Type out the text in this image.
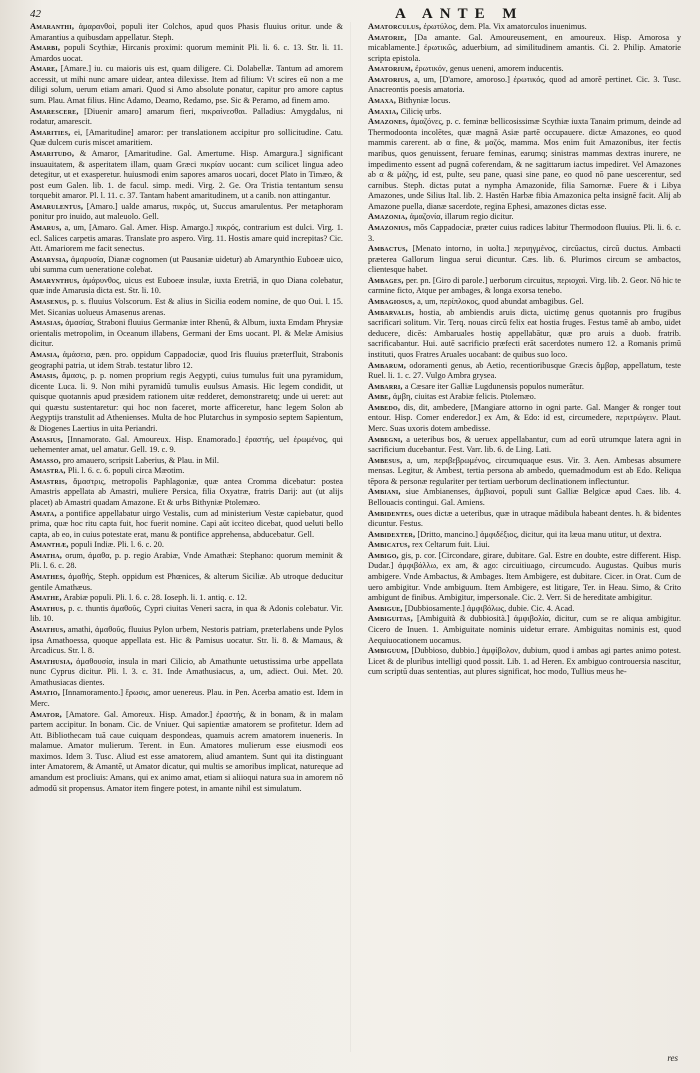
42	A ANTE M

Amaranthi, ἀμαρανθοὶ, populi iter Colchos, apud quos Phasis fluuius oritur. unde & Amarantius a quibusdam appellatur. Steph.

Amarbi, populi Scythiæ, Hircanis proximi: quorum meminit Pli. li. 6. c. 13. Str. li. 11. Amardos uocat.

Amare, [Amare.] iu. cu maioris uis est, quam diligere. Ci. Dolabellæ. Tantum ad amorem accessit, ut mihi nunc amare uidear, antea dilexisse. Item ad filium: Vt scires eū non a me diligi solum, uerum etiam amari. Quod si Amo absolute ponatur, capitur pro amore captus sum. Plau. Amat filius. Hinc Adamo, Deamo, Redamo, pse. Sic & Peramo, ad finem amo.

Amarescere, [Diuenir amaro] amarum fieri, πικραίνεσθαι. Palladius: Amygdalus, ni rodatur, amarescit.

Amarities, ei, [Amaritudine] amaror: per translationem accipitur pro sollicitudine. Catu. Quæ dulcem curis miscet amaritiem.

Amaritudo, & Amaror, [Amaritudine. Gal. Amertume. Hisp. Amargura.] significant insuauitatem, & asperitatem illam, quam Græci πικρίαν uocant: cum scilicet lingua adeo detegitur, ut et exasperetur. huiusmodi enim sapores amaros uocari, docet Plato in Timæo, & post eum Galen. lib. 1. de facul. simp. medi. Virg. 2. Ge. Ora Tristia tentantum sensu torquebit amaror. Pl. l. 11. c. 37. Tantam habent amaritudinem, ut a canib. non attingantur.

Amarulentus, [Amaro.] ualde amarus, πικρός, ut, Succus amarulentus. Per metaphoram ponitur pro inuido, aut maleuolo. Gell.

Amarus, a, um, [Amaro. Gal. Amer. Hisp. Amargo.] πικρός, contrarium est dulci. Virg. 1. ecl. Salices carpetis amaras. Translate pro aspero. Virg. 11. Hostis amare quid increpitas? Cic. Att. Amariorem me facit senectus.

Amarysia, ἀμαρυσία, Dianæ cognomen (ut Pausaniæ uidetur) ab Amarynthio Euboeæ uico, ubi summa cum ueneratione colebat.

Amarynthus, ἀμάρυνθος, uicus est Euboeæ insulæ, iuxta Eretriā, in quo Diana colebatur, quæ inde Amarusia dicta est. Str. li. 10.

Amasenus, p. s. fluuius Volscorum. Est & alius in Sicilia eodem nomine, de quo Oui. l. 15. Met. Sicanias uolueus Amasenus arenas.

Amasias, ἀμασίας, Straboni fluuius Germaniæ inter Rhenū, & Album, iuxta Emdam Phrysiæ orientalis metropolim, in Oceanum illabens, Germani der Ems uocant. Pl. & Melæ Amisius dicitur.

Amasia, ἀμάσεια, pæn. pro. oppidum Cappadociæ, quod Iris fluuius præterfluit, Strabonis geographi patria, ut idem Strab. testatur libro 12.

Amasis, ἄμασις, p. p. nomen proprium regis Aegypti, cuius tumulus fuit una pyramidum, dicente Luca. li. 9. Non mihi pyramidū tumulis euulsus Amasis. Hic legem condidit, ut quisque quotannis apud præsidem rationem uitæ redderet, demonstraretq; unde ui ueret: aut qui quæstu sustentaretur: qui hoc non faceret, morte afficeretur, hanc legem Solon ab Aegyptijs transtulit ad Athenienses. Multa de hoc Plutarchus in symposio septem Sapientum, & Diogenes Laertius in uita Periandri.

Amasius, [Innamorato. Gal. Amoureux. Hisp. Enamorado.] ἐραστής, uel ἐρωμένος, qui uehementer amat, uel amatur. Gell. 19. c. 9.

Amasso, pro amauero, scripsit Laberius, & Plau. in Mil.

Amastra, Pli. l. 6. c. 6. populi circa Mæotim.

Amastris, ἄμαστρις, metropolis Paphlagoniæ, quæ antea Cromma dicebatur: postea Amastris appellata ab Amastri, muliere Persica, filia Oxyatræ, fratris Darij: aut (ut alijs placet) ab Amastri quadam Amazone. Et & urbs Bithyniæ Ptolemæo.

Amata, a pontifice appellabatur uirgo Vestalis, cum ad ministerium Vestæ capiebatur, quod prima, quæ hoc ritu capta fuit, hoc fuerit nomine. Capi aūt icciteo dicebat, quod ueluti bello capta, ab eo, in cuius potestate erat, manu & pontifice apprehensa, abducebatur. Gell.

Amanthæ, populi Indiæ. Pli. l. 6. c. 20.

Amatha, orum, ἀμαθα, p. p. regio Arabiæ, Vnde Amathæi: Stephano: quorum meminit & Pli. l. 6. c. 28.

Amathes, ἀμαθής, Steph. oppidum est Phœnices, & alterum Siciliæ. Ab utroque deducitur gentile Amathæus.

Amathe, Arabiæ populi. Pli. l. 6. c. 28. Ioseph. li. 1. antiq. c. 12.

Amathus, p. c. thuntis ἀμαθοῦς, Cypri ciuitas Veneri sacra, in qua & Adonis colebatur. Vir. lib. 10.

Amathus, amathi, ἀμαθοῦς, fluuius Pylon urbem, Nestoris patriam, præterlabens unde Pylos ipsa Amathoessa, quoque appellata est. Hic & Pamisus uocatur. Str. li. 8. & Mamaus, & Arcadicus. Str. l. 8.

Amathusia, ἀμαθουσία, insula in mari Cilicio, ab Amathunte uetustissima urbe appellata nunc Cyprus dicitur. Pli. l. 3. c. 31. Inde Amathusiacus, a, um, adiect. Oui. Met. 20. Amathusiacas dientes.

Amatio, [Innamoramento.] ἔρωσις, amor uenereus. Plau. in Pen. Acerba amatio est. Idem in Merc.

Amator, [Amatore. Gal. Amoreux. Hisp. Amador.] ἐραστής, & in bonam, & in malam partem accipitur. In bonam. Cic. de Vniuer. Qui sapientiæ amatorem se profitetur. Idem ad Att. Bibliothecam tuā caue cuiquam despondeas, quamuis acrem amatorem inueneris. In malamue. Amator mulierum. Terent. in Eun. Amatores mulierum esse eiusmodi eos maximos. Idem 3. Tusc. Aliud est esse amatorem, aliud amantem. Sunt qui ita distinguant inter Amatorem, & Amantē, ut Amator dicatur, qui multis se amoribus implicat, natureque ad amandum est procliuis: Amans, qui ex animo amat, etiam si aliioqui natura sua in amorem nō admodū sit propensus. Amator item fingere potest, in amante nihil est simulatum.

Amatorculus, ἐρωτύλος, dem. Pla. Vix amatorculos inuenimus.

Amatorie, [Da amante. Gal. Amoureusement, en amoureux. Hisp. Amorosa y micablamente.] ἐρωτικῶς, aduerbium, ad similitudinem amantis. Ci. 2. Philip. Amatorie scripta epistola.

Amatorium, ἐρωτικόν, genus ueneni, amorem inducentis.

Amatorius, a, um, [D'amore, amoroso.] ἐρωτικός, quod ad amorē pertinet. Cic. 3. Tusc. Anacreontis poesis amatoria.

Amaxa, Bithyniæ locus.

Amaxia, Cilicię urbs.

Amazones, ἀμαζόνες, p. c. feminæ bellicosissimæ Scythiæ iuxta Tanaim primum, deinde ad Thermodoonta incolētes, quæ magnā Asiæ partē occupauere. dictæ Amazones, eo quod mammis carerent. ab α fine, & μαζός, mamma. Mos enim fuit Amazonibus, iter fectis maribus, quos genuissent, feruare feminas, earumq; sinistras mammas dextras inurere, ne impedimento essent ad pugnā coferendam, & ne sagittarum iactus impediret. Vel Amazones ab α & μάζης, id est, pulte, seu pane, quasi sine pane, eo quod nō pane uescerentur, sed carnibus. Steph. dictas putat a nympha Amazonide, filia Samornæ. Fuere & i Libya Amazones, unde Silius Ital. lib. 2. Hastēn Harbæ fibia Amazonica pelta insignē facit. Alij ab Amazone puella, dianæ sacerdote, regina Ephesi, amazones dictas esse.

Amazonia, ἀμαζονία, illarum regio dicitur.

Amazonius, mōs Cappadociæ, præter cuius radices labitur Thermodoon fluuius. Pli. li. 6. c. 3.

Ambactus, [Menato intorno, in uolta.] περιηγμένος, circūactus, circū ductus. Ambacti præterea Gallorum lingua serui dicuntur. Cæs. lib. 6. Plurimos circum se ambactos, clientesque habet.

Ambages, per. pn. [Giro di parole.] uerborum circuitus, περιοχαὶ. Virg. lib. 2. Geor. Nō hic te carmine ficto, Atque per ambages, & longa exorsa tenebo.

Ambagiosus, a, um, περίπλοκος, quod abundat ambagibus. Gel.

Ambarvalis, hostia, ab ambiendis aruis dicta, uictimę genus quotannis pro frugibus sacrificari solitum. Vir. Terq. nouas circū felix eat hostia fruges. Festus tamē ab ambo, uidet deducere, dicēs: Ambaruales hostię appellabātur, quæ pro aruis a duob. fratrib. sacrificabantur. Hui. autē sacrificio præfecti erāt sacerdotes numero 12. a Romanis primū instituti, quos Fratres Aruales uocabant: de quibus suo loco.

Ambarum, odoramenti genus, ab Aetio, recentioribusque Græcis ἄμβαρ, appellatum, teste Ruel. li. 1. c. 27. Vulgo Ambra grysea.

Ambarri, a Cæsare iter Galliæ Lugdunensis populos numerātur.

Ambe, ἀμβη, ciuitas est Arabiæ felicis. Ptolemæo.

Ambedo, dis, dit, ambedere, [Mangiare attorno in ogni parte. Gal. Manger & ronger tout entour. Hisp. Comer enderedor.] ex Am, & Edo: id est, circumedere, περιτρώγειν. Plaut. Merc. Suas uxoris dotem ambedisse.

Ambegni, a ueteribus bos, & ueruex appellabantur, cum ad eorū utrumque latera agni in sacrificium ducebantur. Fest. Varr. lib. 6. de Ling. Lati.

Ambesus, a, um, περιβεβρωμένος, circumquaque esus. Vir. 3. Aen. Ambesas absumere mensas. Legitur, & Ambest, tertia persona ab ambedo, quemadmodum est ab Edo. Reliqua tēpora & personæ regulariter per tertiam uerborum declinationem inflectuntur.

Ambiani, siue Ambianenses, ἀμβιανοί, populi sunt Galliæ Belgicæ apud Caes. lib. 4. Bellouacis contingui. Gal. Amiens.

Ambidentes, oues dictæ a ueteribus, quæ in utraque mādibula habeant dentes. h. & bidentes dicuntur. Festus.

Ambidexter, [Dritto, mancino.] ἀμφιδέξιος, dicitur, qui ita læua manu utitur, ut dextra.

Ambicatus, rex Celtarum fuit. Liui.

Ambigo, gis, p. cor. [Circondare, girare, dubitare. Gal. Estre en doubte, estre different. Hisp. Dudar.] ἀμφιβάλλω, ex am, & ago: circuitiuago, circumcudo. Augustas. Quibus muris ambigere. Vnde Ambactus, & Ambages. Item Ambigere, est dubitare. Cicer. in Orat. Cum de uero ambigitur. Vnde ambiguum. Item Ambigere, est litigare, Ter. in Heau. Simo, & Crito ambigunt de finibus. Ambigitur, impersonale. Cic. 2. Verr. Si de hereditate ambigitur.

Ambigue, [Dubbiosamente.] ἀμφιβόλως, dubie. Cic. 4. Acad.

Ambiguitas, [Ambiguità & dubbiosità.] ἀμφιβολία, dicitur, cum se re aliqua ambigitur. Cicero de Inuen. 1. Ambiguitate nominis uidetur errare. Ambiguitas nominis est, quod Aequiuocationem uocamus.

Ambiguum, [Dubbioso, dubbio.] ἀμφίβολον, dubium, quod i ambas agi partes animo potest. Licet & de pluribus intelligi quod possit. Lib. 1. ad Heren. Ex ambiguo controuersia nascitur, cum scriptū duas sententias, aut plures significat, hoc modo, Tullius meus he-

res
